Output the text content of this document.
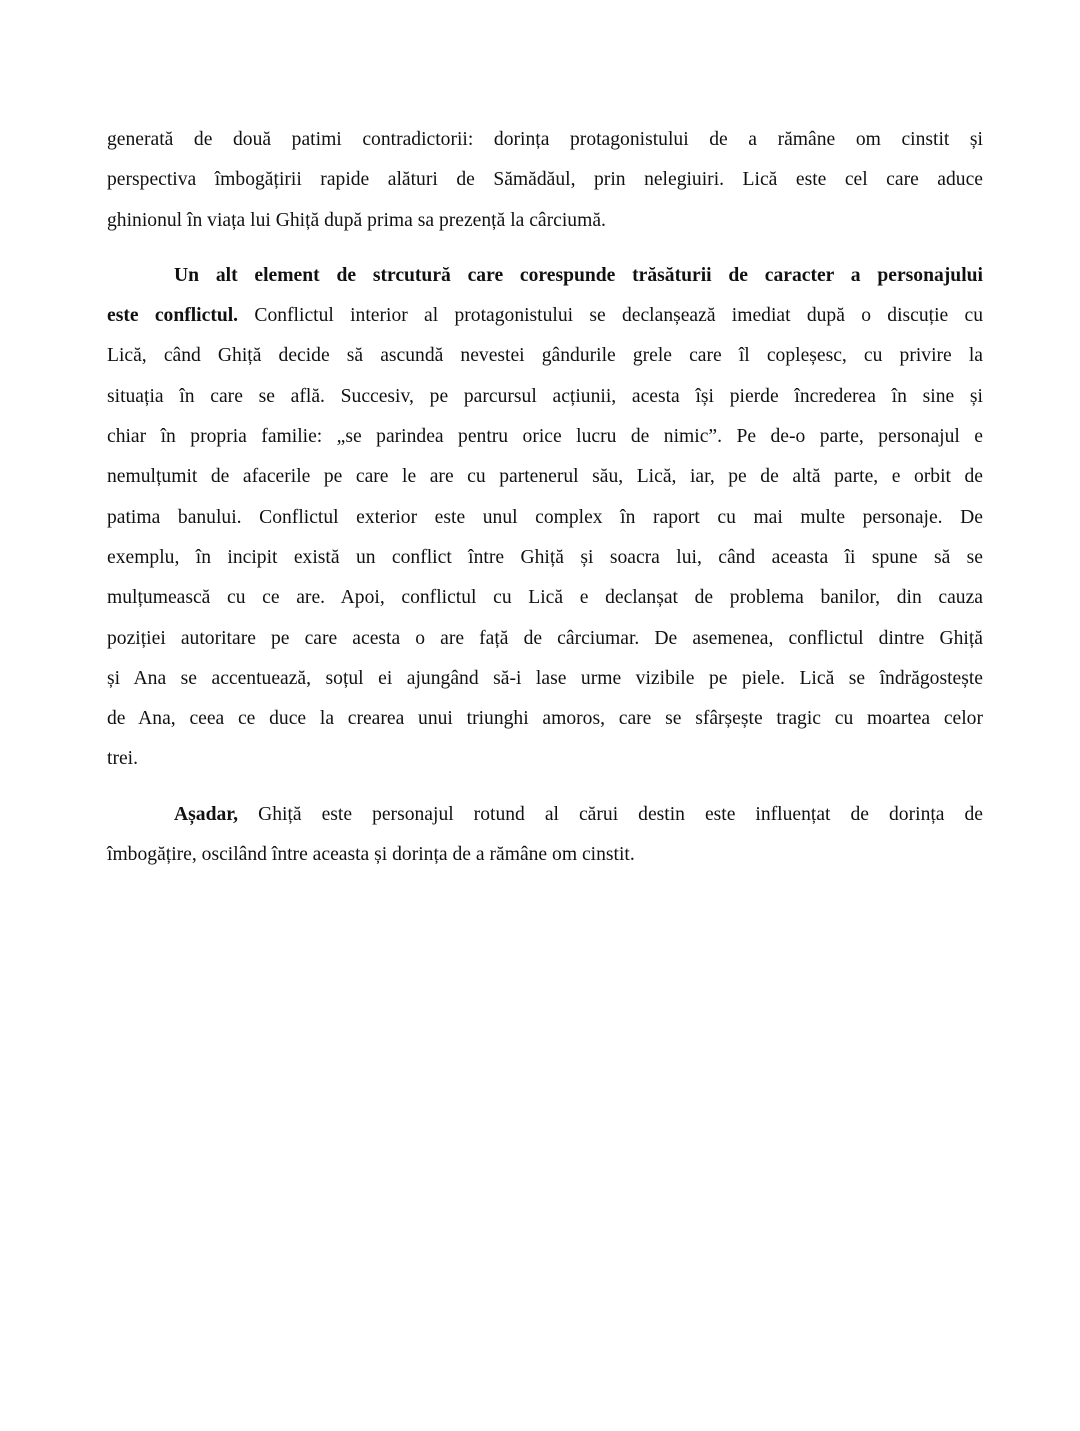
generată de două patimi contradictorii: dorința protagonistului de a rămâne om cinstit și
perspectiva îmbogățirii rapide alături de Sămădăul, prin nelegiuiri. Lică este cel care aduce
ghinionul în viața lui Ghiță după prima sa prezență la cârciumă.
Un alt element de strcutură care corespunde trăsăturii de caracter a personajului
este conflictul. Conflictul interior al protagonistului se declanșează imediat după o discuție cu
Lică, când Ghiță decide să ascundă nevestei gândurile grele care îl copleșesc, cu privire la
situația în care se află. Succesiv, pe parcursul acțiunii, acesta își pierde încrederea în sine și
chiar în propria familie: „se parindea pentru orice lucru de nimic”. Pe de-o parte, personajul e
nemulțumit de afacerile pe care le are cu partenerul său, Lică, iar, pe de altă parte, e orbit de
patima banului. Conflictul exterior este unul complex în raport cu mai multe personaje. De
exemplu, în incipit există un conflict între Ghiță și soacra lui, când aceasta îi spune să se
mulțumească cu ce are. Apoi, conflictul cu Lică e declanșat de problema banilor, din cauza
poziției autoritare pe care acesta o are față de cârciumar. De asemenea, conflictul dintre Ghiță
și Ana se accentuează, soțul ei ajungând să-i lase urme vizibile pe piele. Lică se îndrăgostește
de Ana, ceea ce duce la crearea unui triunghi amoros, care se sfârșește tragic cu moartea celor
trei.
Așadar, Ghiță este personajul rotund al cărui destin este influențat de dorința de
îmbogățire, oscilând între aceasta și dorința de a rămâne om cinstit.
